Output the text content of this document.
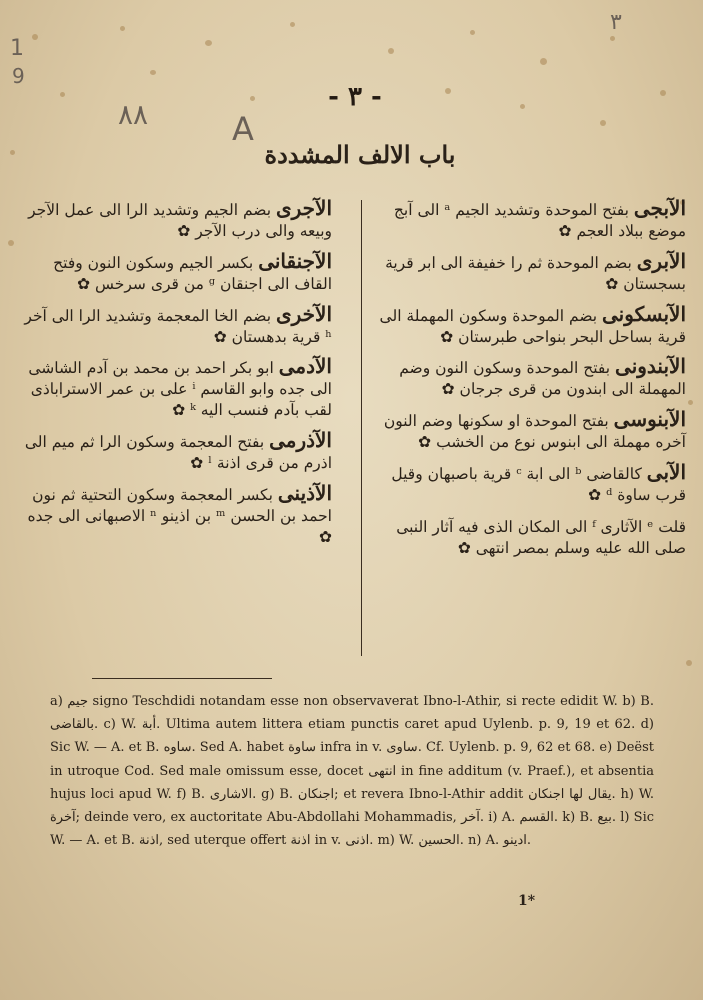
٣
1
9
٨٨	A
- ٣ -
باب الالف المشددة

الآبجى بفتح الموحدة وتشديد الجيم ᵃ الى آبج موضع ببلاد العجم ✿

الآبرى بضم الموحدة ثم را خفيفة الى ابر قرية بسجستان ✿

الآبسكونى بضم الموحدة وسكون المهملة الى قرية بساحل البحر بنواحى طبرستان ✿

الآبندونى بفتح الموحدة وسكون النون وضم المهملة الى ابندون من قرى جرجان ✿

الآبنوسى بفتح الموحدة او سكونها وضم النون آخره مهملة الى ابنوس نوع من الخشب ✿

الآبى كالقاضى ᵇ الى ابة ᶜ قرية باصبهان وقيل قرب ساوة ᵈ ✿

قلت ᵉ الآثارى ᶠ الى المكان الذى فيه آثار النبى صلى الله عليه وسلم بمصر انتهى ✿

الآجرى بضم الجيم وتشديد الرا الى عمل الآجر وبيعه والى درب الآجر ✿

الآجنقانى بكسر الجيم وسكون النون وفتح القاف الى اجنقان ᵍ من قرى سرخس ✿

الآخرى بضم الخا المعجمة وتشديد الرا الى آخر ʰ قرية بدهستان ✿

الآدمى ابو بكر احمد بن محمد بن آدم الشاشى الى جده وابو القاسم ⁱ على بن عمر الاستراباذى لقب بآدم فنسب اليه ᵏ ✿

الآذرمى بفتح المعجمة وسكون الرا ثم ميم الى اذرم من قرى اذنة ˡ ✿

الآذينى بكسر المعجمة وسكون التحتية ثم نون احمد بن الحسن ᵐ بن اذينو ⁿ الاصبهانى الى جده ✿

a) جيم signo Teschdidi notandam esse non observaverat Ibno-l-Athir, si recte edidit W. b) B. بالقاضى. c) W. أبة. Ultima autem littera etiam punctis caret apud Uylenb. p. 9, 19 et 62. d) Sic W. — A. et B. ساوه. Sed A. habet ساوة infra in v. ساوى. Cf. Uylenb. p. 9, 62 et 68. e) Deëst in utroque Cod. Sed male omissum esse, docet انتهى in fine additum (v. Praef.), et absentia hujus loci apud W. f) B. الاشارى. g) B. اجنكان; et revera Ibno-l-Athir addit يقال لها اجنكان. h) W. آخرة; deinde vero, ex auctoritate Abu-Abdollahi Mohammadis, آخر. i) A. القسم. k) B. بيع. l) Sic W. — A. et B. اذنة, sed uterque offert اذنة in v. اذنى. m) W. الحسين. n) A. ادينو.
1*
